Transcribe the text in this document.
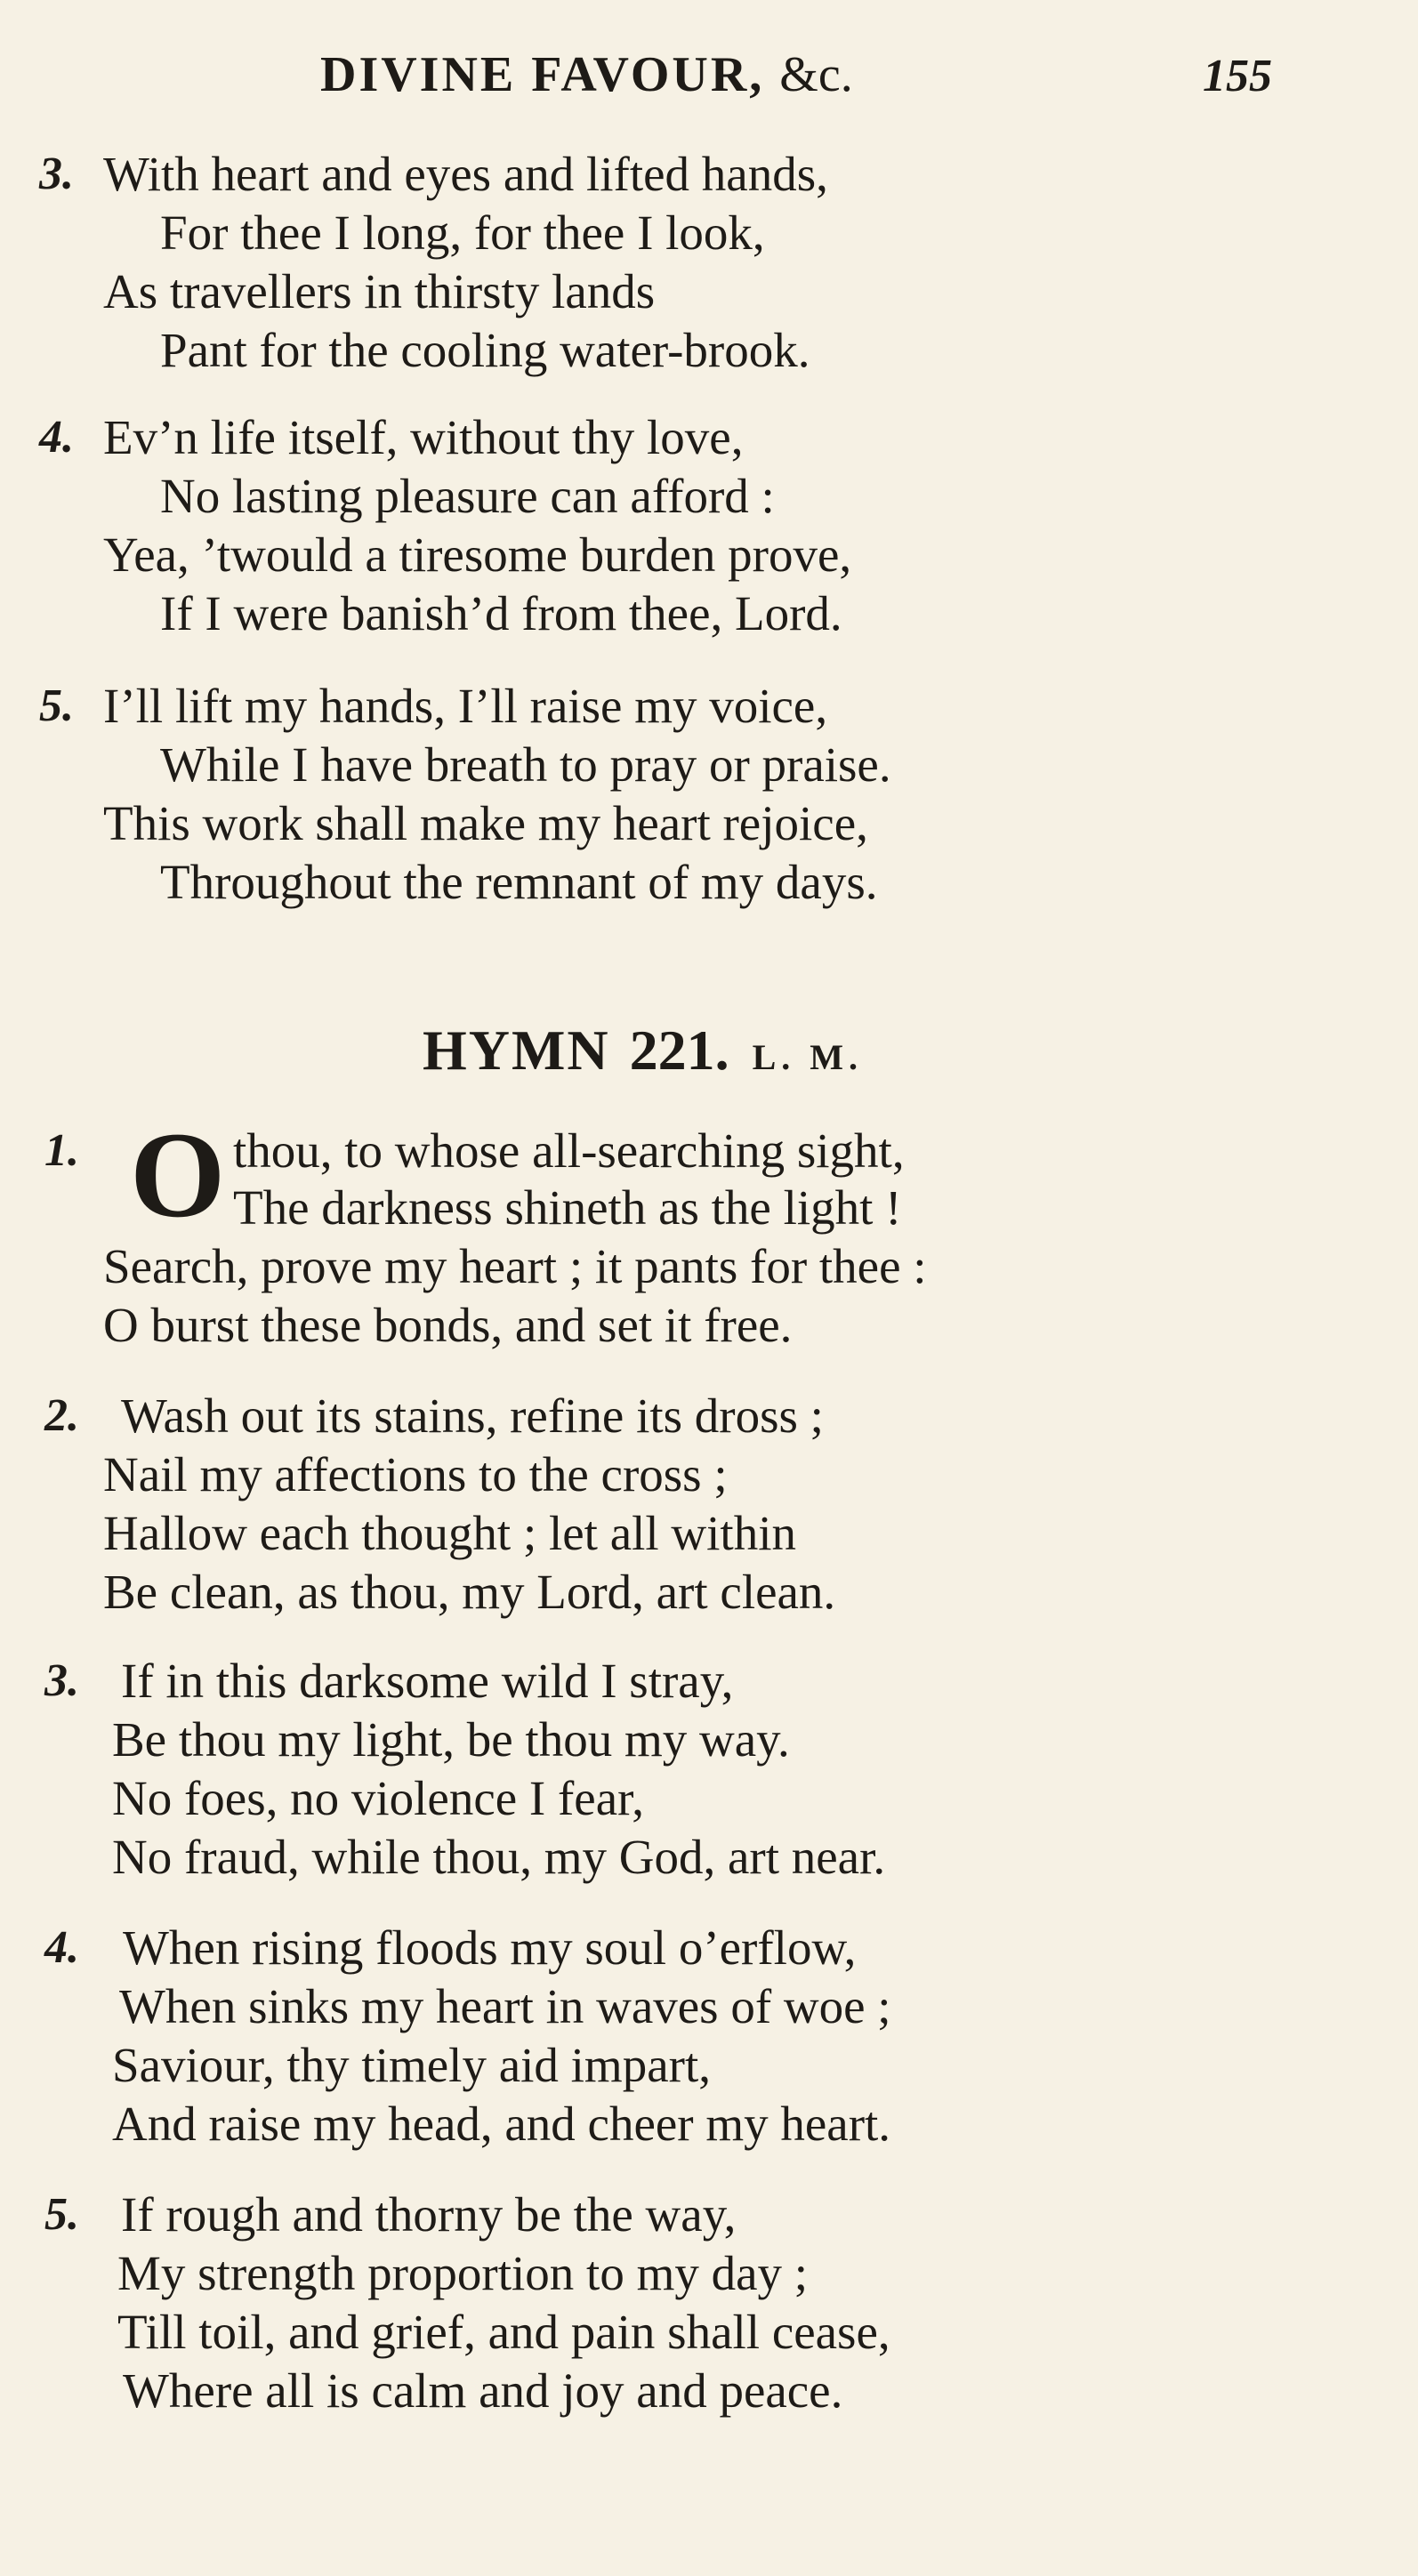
DIVINE FAVOUR, &c.	155
3. With heart and eyes and lifted hands,
For thee I long, for thee I look,
As travellers in thirsty lands
Pant for the cooling water-brook.
4. Ev’n life itself, without thy love,
No lasting pleasure can afford :
Yea, ’twould a tiresome burden prove,
If I were banish’d from thee, Lord.
5. I’ll lift my hands, I’ll raise my voice,
While I have breath to pray or praise.
This work shall make my heart rejoice,
Throughout the remnant of my days.
HYMN 221. L. M.
1. O thou, to whose all-searching sight,
The darkness shineth as the light !
Search, prove my heart ; it pants for thee :
O burst these bonds, and set it free.
2. Wash out its stains, refine its dross ;
Nail my affections to the cross ;
Hallow each thought ; let all within
Be clean, as thou, my Lord, art clean.
3. If in this darksome wild I stray,
Be thou my light, be thou my way.
No foes, no violence I fear,
No fraud, while thou, my God, art near.
4. When rising floods my soul o’erflow,
When sinks my heart in waves of woe ;
Saviour, thy timely aid impart,
And raise my head, and cheer my heart.
5. If rough and thorny be the way,
My strength proportion to my day ;
Till toil, and grief, and pain shall cease,
Where all is calm and joy and peace.
